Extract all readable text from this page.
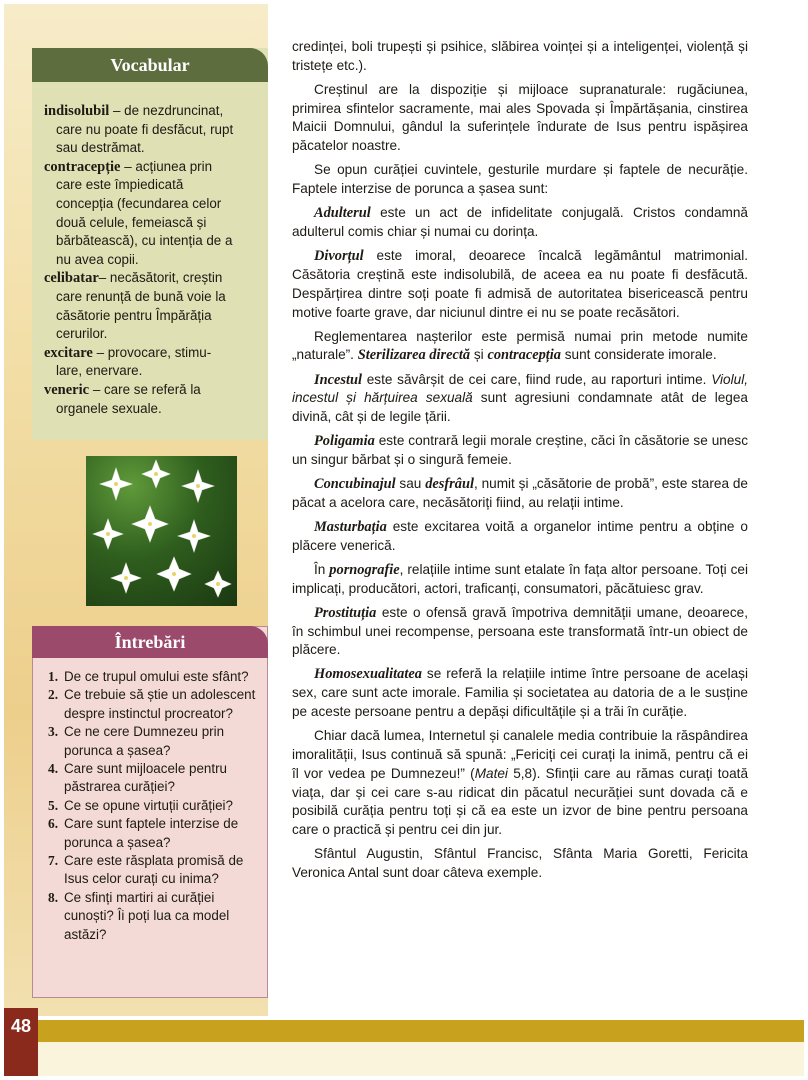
Vocabular
indisolubil – de nezdruncinat,
care nu poate fi desfăcut, rupt
sau destrămat.
contracepție – acțiunea prin
care este împiedicată
concepția (fecundarea celor
două celule, femeiască și
bărbătească), cu intenția de a
nu avea copii.
celibatar– necăsătorit, creștin
care renunță de bună voie la
căsătorie pentru Împărăția
cerurilor.
excitare – provocare, stimu-
lare, enervare.
veneric – care se referă la
organele sexuale.
Întrebări
1. De ce trupul omului este sfânt?
2. Ce trebuie să știe un adolescent despre instinctul procreator?
3. Ce ne cere Dumnezeu prin porunca a șasea?
4. Care sunt mijloacele pentru păstrarea curăției?
5. Ce se opune virtuții curăției?
6. Care sunt faptele interzise de porunca a șasea?
7. Care este răsplata promisă de Isus celor curați cu inima?
8. Ce sfinți martiri ai curăției cunoști? Îi poți lua ca model astăzi?

credinței, boli trupești și psihice, slăbirea voinței și a inteligenței, violență și tristețe etc.).

Creștinul are la dispoziție și mijloace supranaturale: rugăciunea, primirea sfintelor sacramente, mai ales Spovada și Împărtășania, cinstirea Maicii Domnului, gândul la suferințele îndurate de Isus pentru ispășirea păcatelor noastre.

Se opun curăției cuvintele, gesturile murdare și faptele de necurăție. Faptele interzise de porunca a șasea sunt:

Adulterul este un act de infidelitate conjugală. Cristos condamnă adulterul comis chiar și numai cu dorința.

Divorțul este imoral, deoarece încalcă legământul matrimonial. Căsătoria creștină este indisolubilă, de aceea ea nu poate fi desfăcută. Despărțirea dintre soți poate fi admisă de autoritatea bisericească pentru motive foarte grave, dar niciunul dintre ei nu se poate recăsători.

Reglementarea nașterilor este permisă numai prin metode numite „naturale”. Sterilizarea directă și contracepția sunt considerate imorale.

Incestul este săvârșit de cei care, fiind rude, au raporturi intime. Violul, incestul și hărțuirea sexuală sunt agresiuni condamnate atât de legea divină, cât și de legile țării.

Poligamia este contrară legii morale creștine, căci în căsătorie se unesc un singur bărbat și o singură femeie.

Concubinajul sau desfrâul, numit și „căsătorie de probă”, este starea de păcat a acelora care, necăsătoriți fiind, au relații intime.

Masturbația este excitarea voită a organelor intime pentru a obține o plăcere venerică.

În pornografie, relațiile intime sunt etalate în fața altor persoane. Toți cei implicați, producători, actori, traficanți, consumatori, păcătuiesc grav.

Prostituția este o ofensă gravă împotriva demnității umane, deoarece, în schimbul unei recompense, persoana este transformată într-un obiect de plăcere.

Homosexualitatea se referă la relațiile intime între persoane de același sex, care sunt acte imorale. Familia și societatea au datoria de a le susține pe aceste persoane pentru a depăși dificultățile și a trăi în curăție.

Chiar dacă lumea, Internetul și canalele media contribuie la răspândirea imoralității, Isus continuă să spună: „Fericiți cei curați la inimă, pentru că ei îl vor vedea pe Dumnezeu!” (Matei 5,8). Sfinții care au rămas curați toată viața, dar și cei care s-au ridicat din păcatul necurăției sunt dovada că e posibilă curăția pentru toți și că ea este un izvor de bine pentru persoana care o practică și pentru cei din jur.

Sfântul Augustin, Sfântul Francisc, Sfânta Maria Goretti, Fericita Veronica Antal sunt doar câteva exemple.

48
